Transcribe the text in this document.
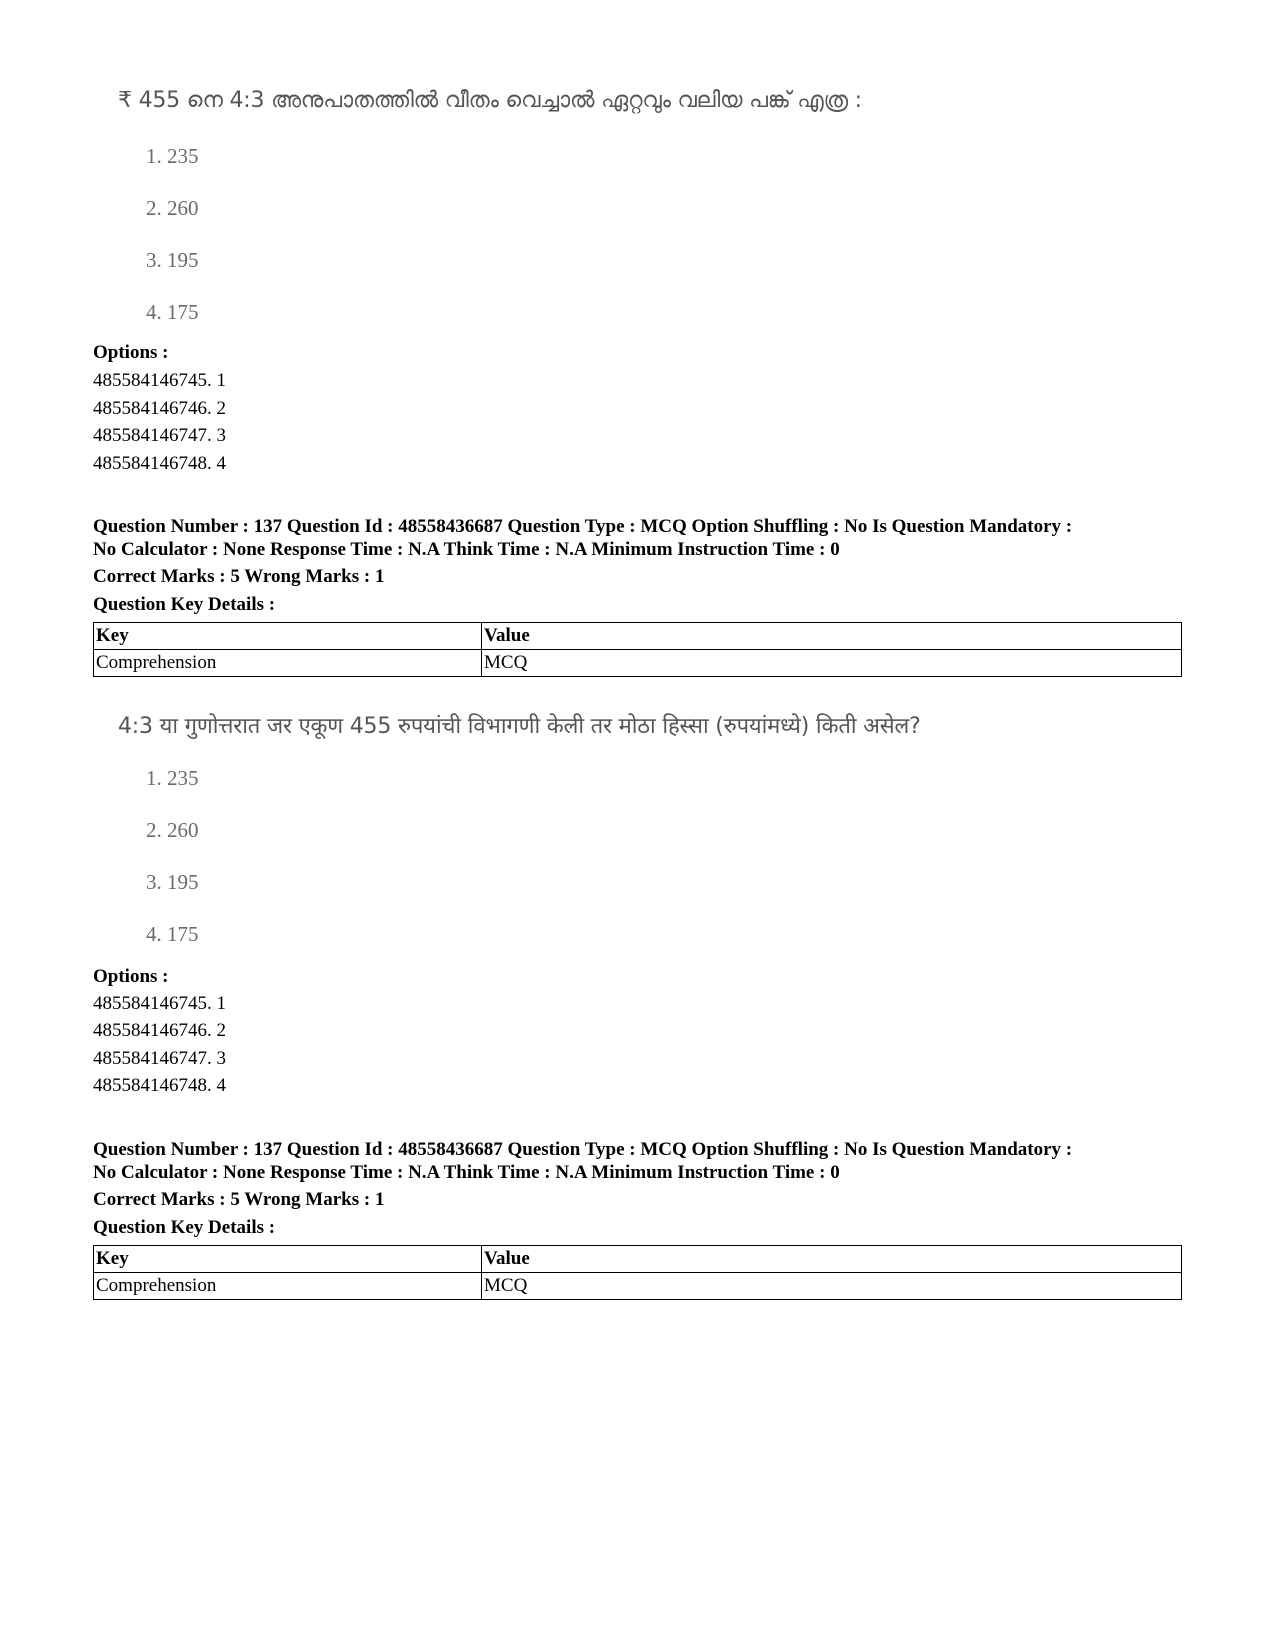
₹ 455 നെ 4:3 അനുപാതത്തിൽ വീതം വെച്ചാൽ ഏറ്റവും വലിയ പങ്ക് എത്ര :
1. 235
2. 260
3. 195
4. 175
Options :
485584146745. 1
485584146746. 2
485584146747. 3
485584146748. 4
Question Number : 137 Question Id : 48558436687 Question Type : MCQ Option Shuffling : No Is Question Mandatory :
No Calculator : None Response Time : N.A Think Time : N.A Minimum Instruction Time : 0
Correct Marks : 5 Wrong Marks : 1
Question Key Details :
Key	Value
Comprehension	MCQ
4:3 या गुणोत्तरात जर एकूण 455 रुपयांची विभागणी केली तर मोठा हिस्सा (रुपयांमध्ये) किती असेल?
1. 235
2. 260
3. 195
4. 175
Options :
485584146745. 1
485584146746. 2
485584146747. 3
485584146748. 4
Question Number : 137 Question Id : 48558436687 Question Type : MCQ Option Shuffling : No Is Question Mandatory :
No Calculator : None Response Time : N.A Think Time : N.A Minimum Instruction Time : 0
Correct Marks : 5 Wrong Marks : 1
Question Key Details :
Key	Value
Comprehension	MCQ
